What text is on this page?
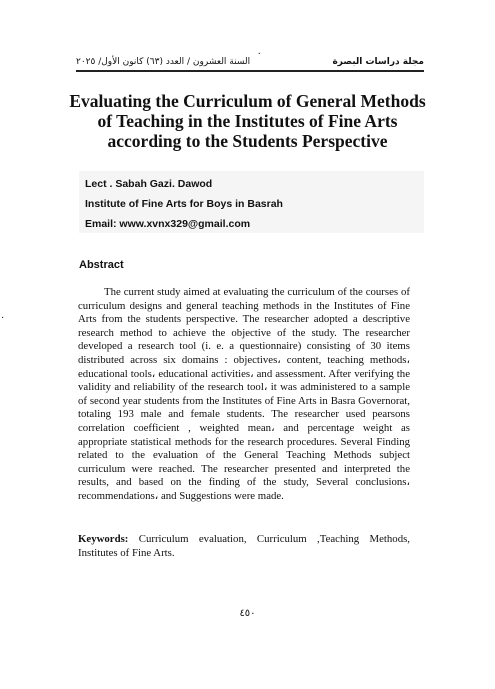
.
·
مجلة دراسات البصرة
السنة العشرون / العدد (٦٣) كانون الأول/ ٢٠٢٥
Evaluating the Curriculum of General Methods of Teaching in the Institutes of Fine Arts according to the Students Perspective
Lect . Sabah Gazi. Dawod
Institute of Fine Arts for Boys in Basrah
Email: www.xvnx329@gmail.com
Abstract

The current study aimed at evaluating the curriculum of the courses of curriculum designs and general teaching methods in the Institutes of Fine Arts from the students perspective. The researcher adopted a descriptive research method to achieve the objective of the study. The researcher developed a research tool (i. e. a questionnaire) consisting of 30 items distributed across six domains : objectives، content, teaching methods، educational tools، educational activities، and assessment. After verifying the validity and reliability of the research tool، it was administered to a sample of second year students from the Institutes of Fine Arts in Basra Governorat, totaling 193 male and female students. The researcher used pearsons correlation coefficient , weighted mean، and percentage weight as appropriate statistical methods for the research procedures. Several Finding related to the evaluation of the General Teaching Methods subject curriculum were reached. The researcher presented and interpreted the results, and based on the finding of the study, Several conclusions، recommendations، and Suggestions were made.

Keywords: Curriculum evaluation, Curriculum ,Teaching Methods, Institutes of Fine Arts.

٤٥٠
